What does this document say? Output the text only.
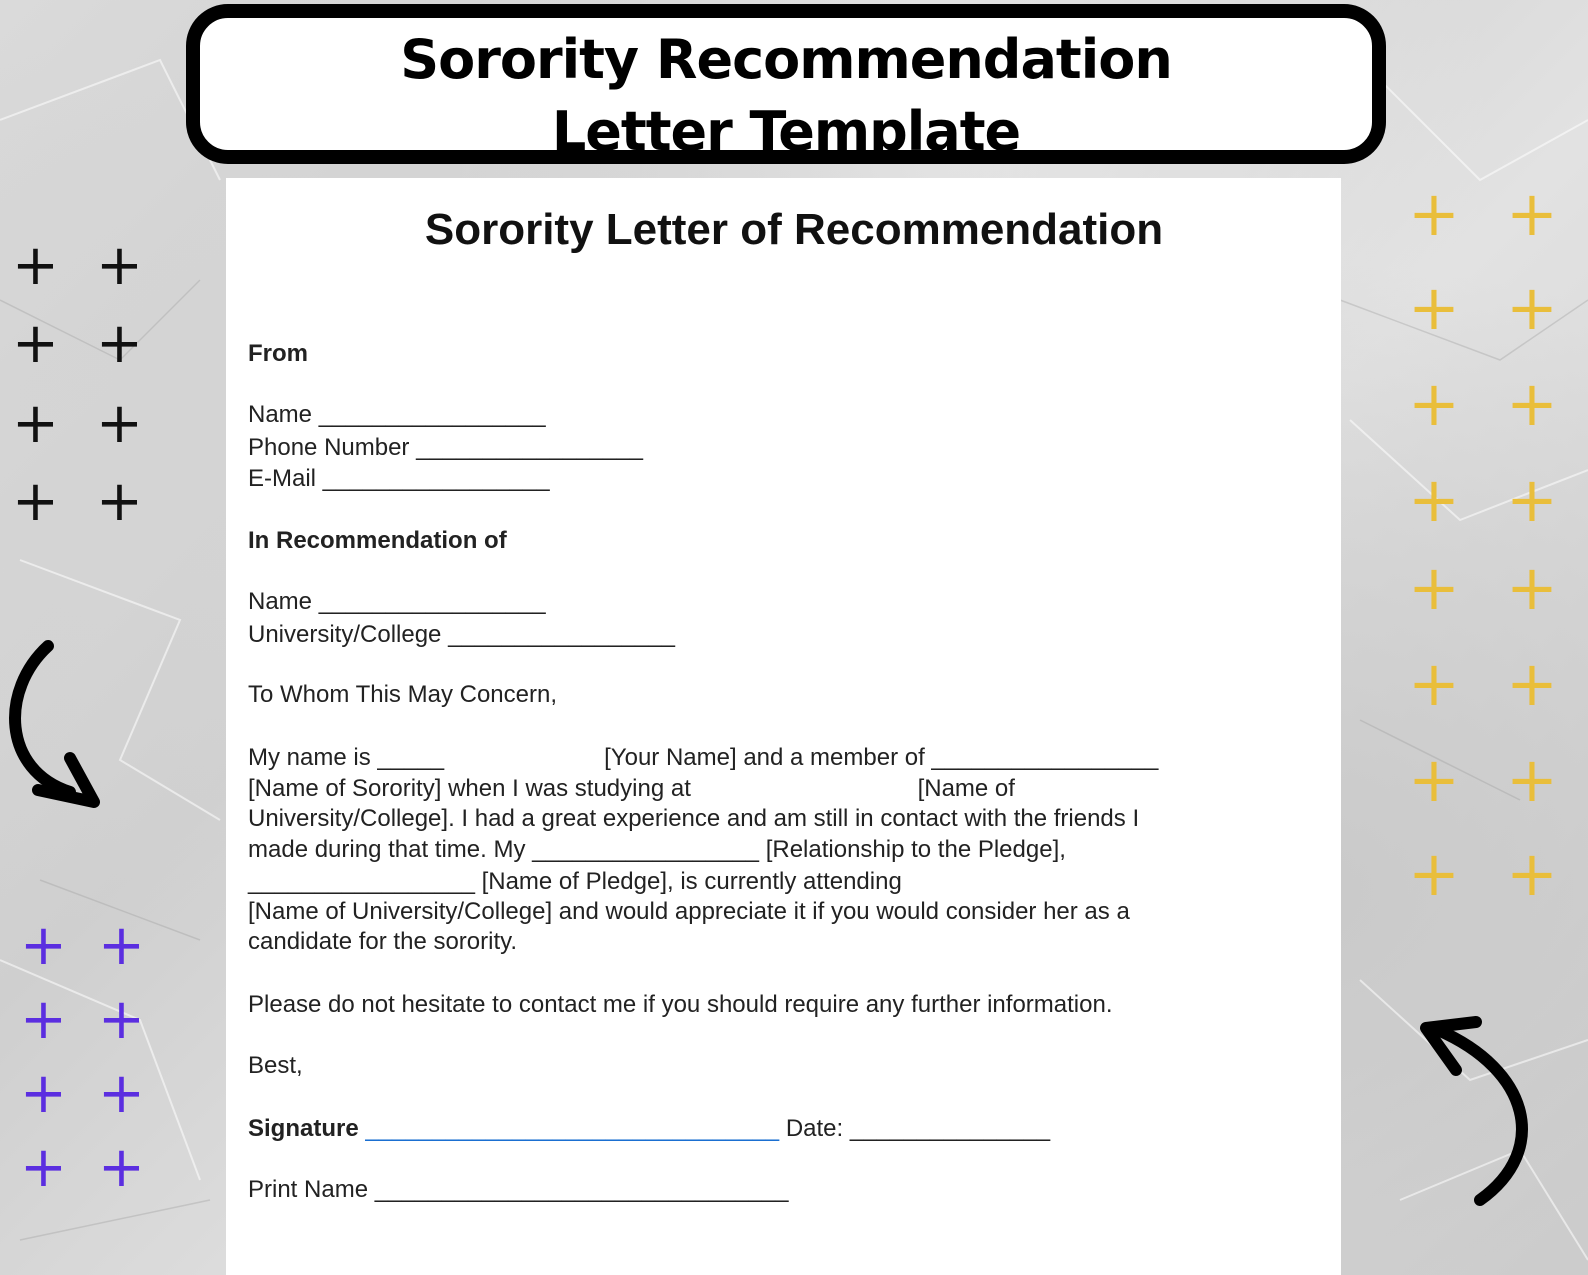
Sorority Recommendation
Letter Template
Sorority Letter of Recommendation
From
Name _________________
Phone Number _________________
E-Mail _________________
In Recommendation of
Name _________________
University/College _________________
To Whom This May Concern,
My name is _____                        [Your Name] and a member of _________________
[Name of Sorority] when I was studying at                                  [Name of
University/College]. I had a great experience and am still in contact with the friends I
made during that time. My _________________ [Relationship to the Pledge],
_________________ [Name of Pledge], is currently attending
[Name of University/College] and would appreciate it if you would consider her as a
candidate for the sorority.
Please do not hesitate to contact me if you should require any further information.
Best,
Signature _______________________________ Date: _______________
Print Name _______________________________
+ +
+ +
+ +
+ +
+ +
+ +
+ +
+ +
+ +
+ +
+ +
+ +
+ +
+ +
+ +
+ +
